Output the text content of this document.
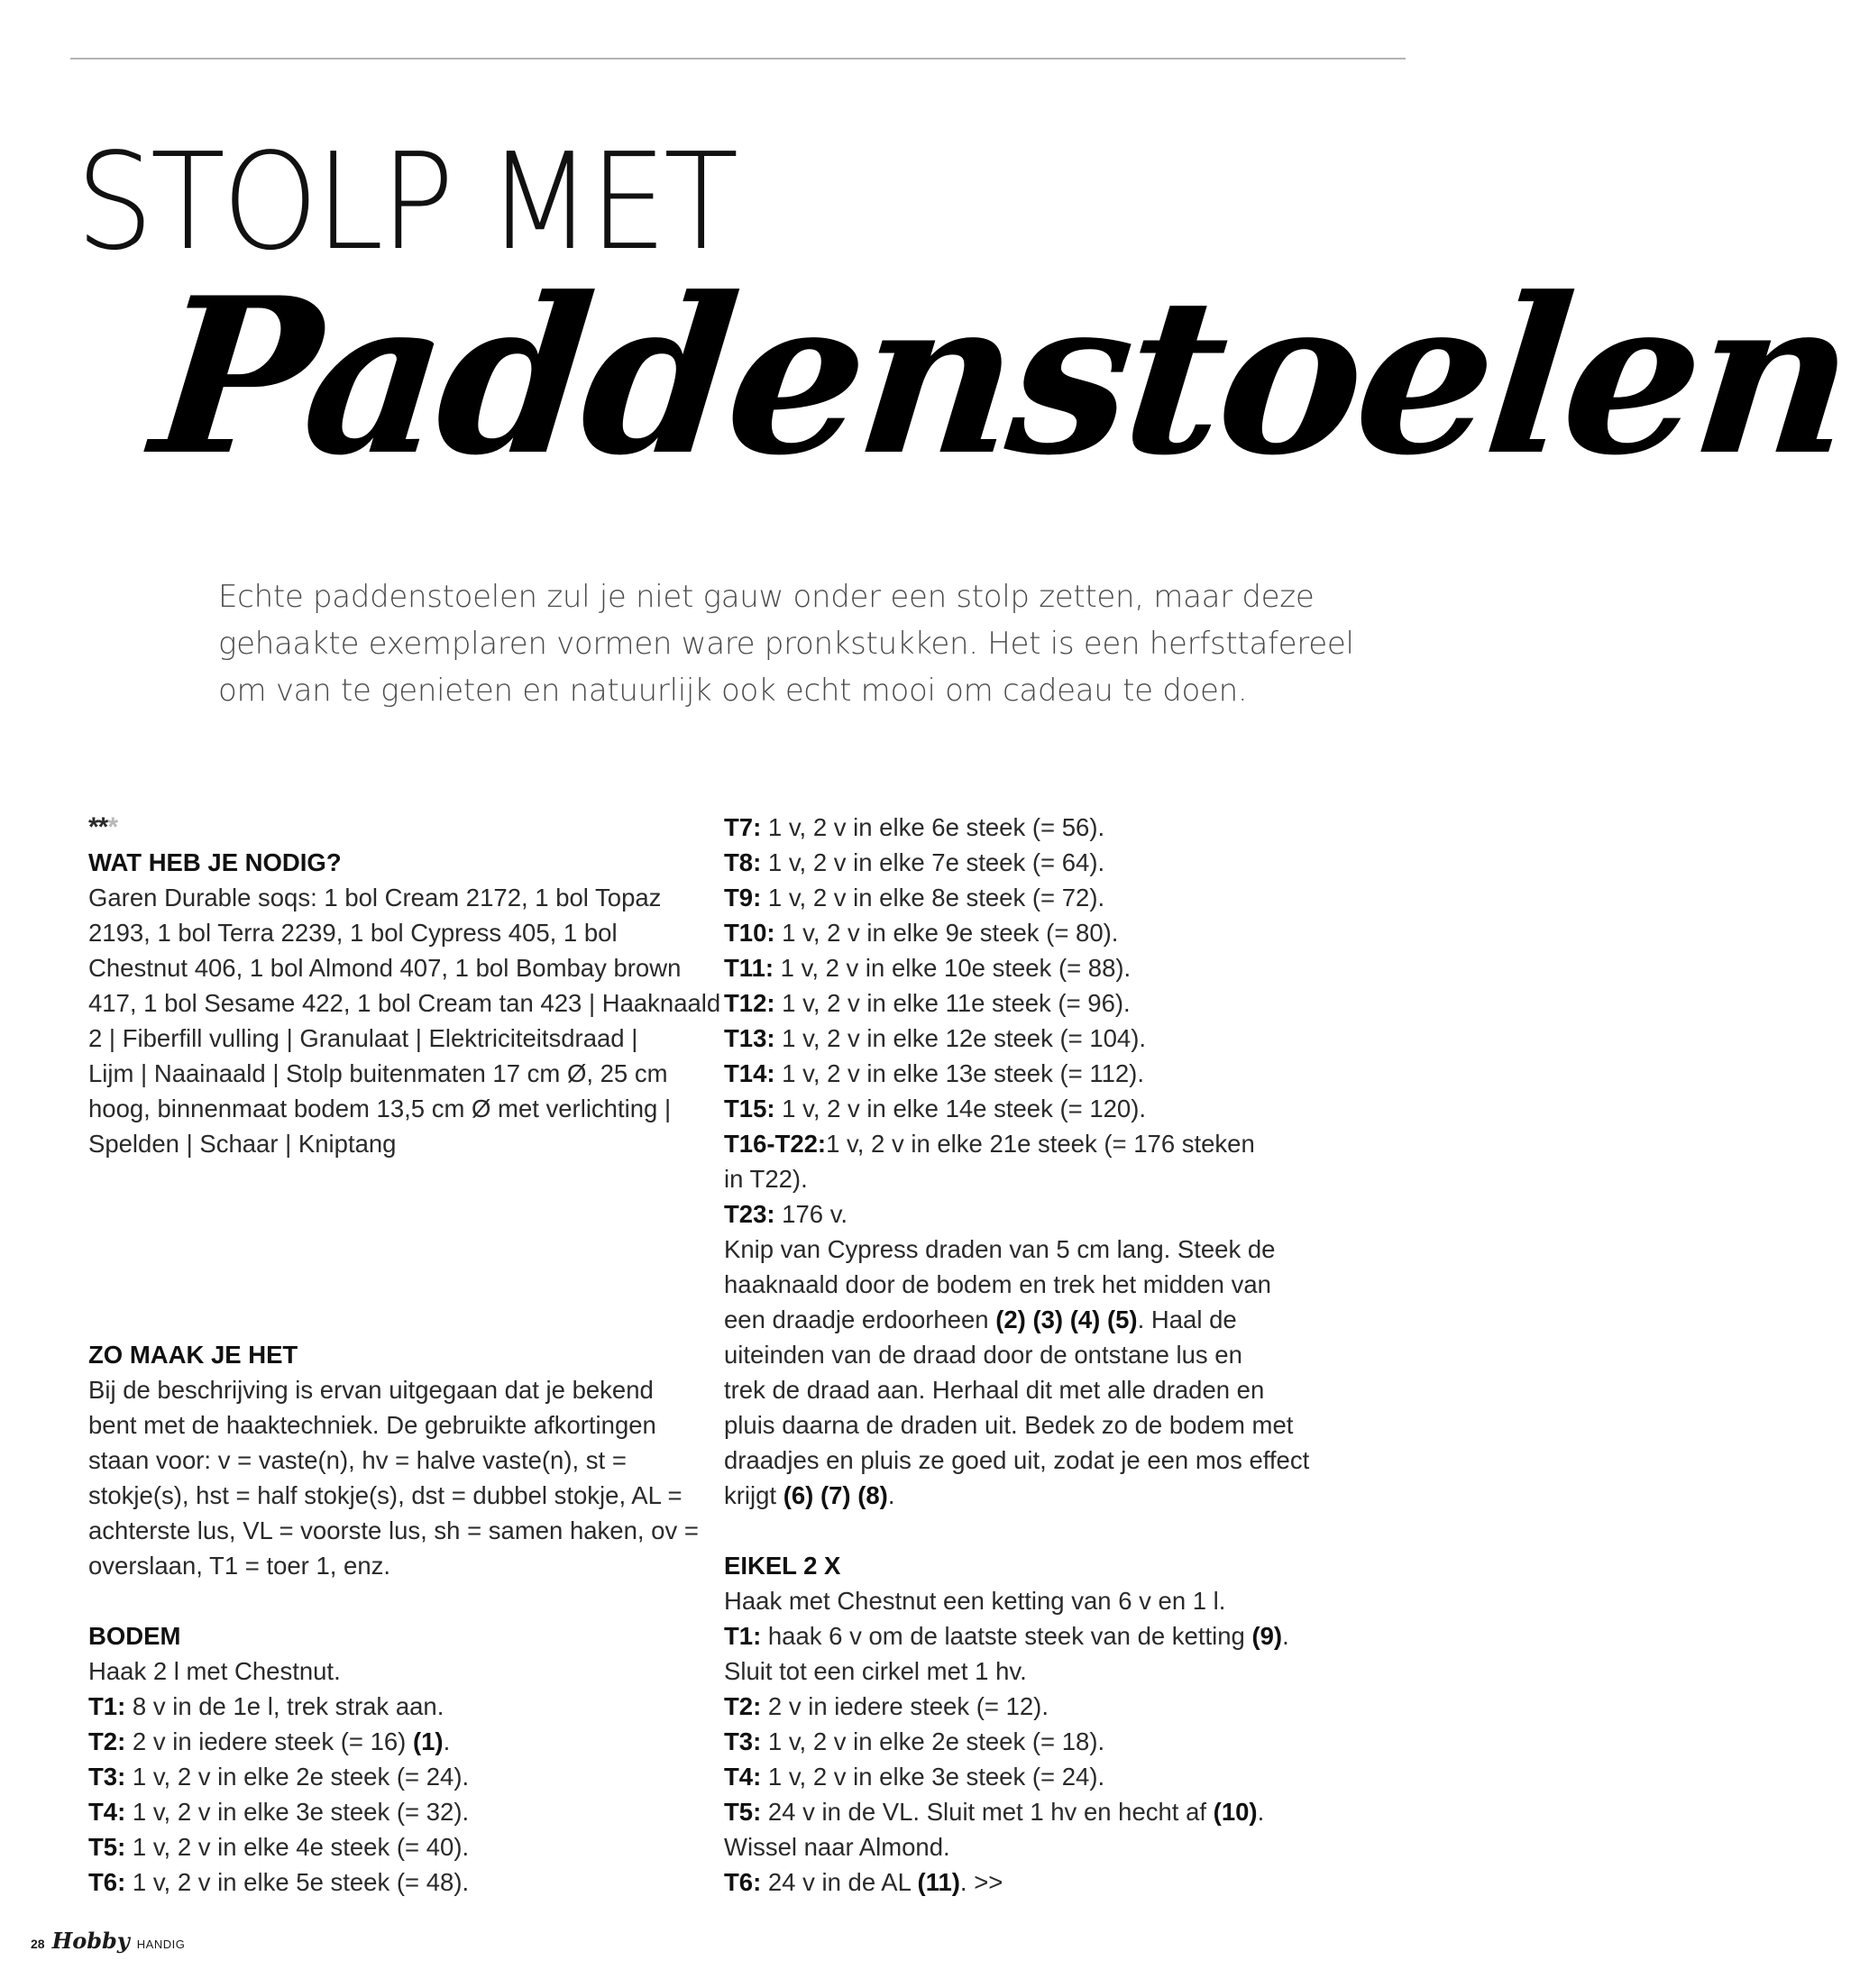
STOLP MET
Paddenstoelen
Echte paddenstoelen zul je niet gauw onder een stolp zetten, maar deze
gehaakte exemplaren vormen ware pronkstukken. Het is een herfsttafereel
om van te genieten en natuurlijk ook echt mooi om cadeau te doen.
***
WAT HEB JE NODIG?
Garen Durable soqs: 1 bol Cream 2172, 1 bol Topaz
2193, 1 bol Terra 2239, 1 bol Cypress 405, 1 bol
Chestnut 406, 1 bol Almond 407, 1 bol Bombay brown
417, 1 bol Sesame 422, 1 bol Cream tan 423 | Haaknaald
2 | Fiberfill vulling | Granulaat | Elektriciteitsdraad |
Lijm | Naainaald | Stolp buitenmaten 17 cm Ø, 25 cm
hoog, binnenmaat bodem 13,5 cm Ø met verlichting |
Spelden | Schaar | Kniptang
ZO MAAK JE HET
Bij de beschrijving is ervan uitgegaan dat je bekend
bent met de haaktechniek. De gebruikte afkortingen
staan voor: v = vaste(n), hv = halve vaste(n), st =
stokje(s), hst = half stokje(s), dst = dubbel stokje, AL =
achterste lus, VL = voorste lus, sh = samen haken, ov =
overslaan, T1 = toer 1, enz.
BODEM
Haak 2 l met Chestnut.
T1: 8 v in de 1e l, trek strak aan.
T2: 2 v in iedere steek (= 16) (1).
T3: 1 v, 2 v in elke 2e steek (= 24).
T4: 1 v, 2 v in elke 3e steek (= 32).
T5: 1 v, 2 v in elke 4e steek (= 40).
T6: 1 v, 2 v in elke 5e steek (= 48).
T7: 1 v, 2 v in elke 6e steek (= 56).
T8: 1 v, 2 v in elke 7e steek (= 64).
T9: 1 v, 2 v in elke 8e steek (= 72).
T10: 1 v, 2 v in elke 9e steek (= 80).
T11: 1 v, 2 v in elke 10e steek (= 88).
T12: 1 v, 2 v in elke 11e steek (= 96).
T13: 1 v, 2 v in elke 12e steek (= 104).
T14: 1 v, 2 v in elke 13e steek (= 112).
T15: 1 v, 2 v in elke 14e steek (= 120).
T16-T22:1 v, 2 v in elke 21e steek (= 176 steken
in T22).
T23: 176 v.
Knip van Cypress draden van 5 cm lang. Steek de
haaknaald door de bodem en trek het midden van
een draadje erdoorheen (2) (3) (4) (5). Haal de
uiteinden van de draad door de ontstane lus en
trek de draad aan. Herhaal dit met alle draden en
pluis daarna de draden uit. Bedek zo de bodem met
draadjes en pluis ze goed uit, zodat je een mos effect
krijgt (6) (7) (8).
EIKEL 2 X
Haak met Chestnut een ketting van 6 v en 1 l.
T1: haak 6 v om de laatste steek van de ketting (9).
Sluit tot een cirkel met 1 hv.
T2: 2 v in iedere steek (= 12).
T3: 1 v, 2 v in elke 2e steek (= 18).
T4: 1 v, 2 v in elke 3e steek (= 24).
T5: 24 v in de VL. Sluit met 1 hv en hecht af (10).
Wissel naar Almond.
T6: 24 v in de AL (11). >>
28 Hobby HANDIG
